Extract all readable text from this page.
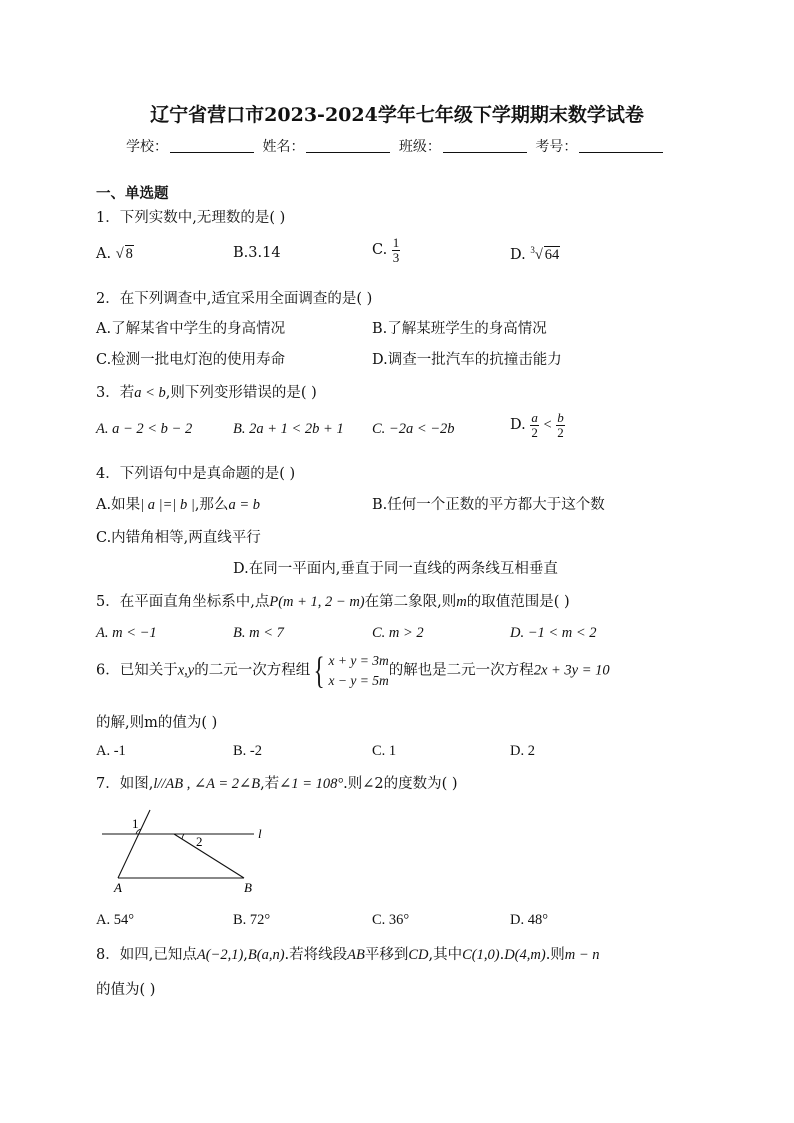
辽宁省营口市2023-2024学年七年级下学期期末数学试卷
学校：	姓名：	班级：	考号：
一、单选题
1．下列实数中,无理数的是( )
A. √ 8	B.3.14	C. $\frac{1}{3}$	D. $^3$√ 64
2．在下列调查中,适宜采用全面调查的是( )
A.了解某省中学生的身高情况	B.了解某班学生的身高情况
C.检测一批电灯泡的使用寿命	D.调查一批汽车的抗撞击能力
3．若a < b,则下列变形错误的是( )
A. a − 2 < b − 2	B. 2a + 1 < 2b + 1 C. −2a < −2b	D. $\frac{a}{2} < \frac{b}{2}$
4．下列语句中是真命题的是( )
A.如果| a |=| b |,那么a = b	B.任何一个正数的平方都大于这个数
C.内错角相等,两直线平行
D.在同一平面内,垂直于同一直线的两条线互相垂直
5．在平面直角坐标系中,点P(m + 1, 2 − m)在第二象限,则m的取值范围是( )
A. m < −1	B. m < 7	C. m > 2	D. −1 < m < 2
6．已知关于x,y的二元一次方程组{ x + y = 3m
x − y = 5m
的解也是二元一次方程2x + 3y = 10
的解,则m的值为( )
A. -1	B. -2	C. 1	D. 2
7．如图,l//AB , ∠A = 2∠B,若∠1 = 108°.则∠2的度数为( )
1
2
l
A	B
A. 54°	B. 72°	C. 36°	D. 48°
8．如四,已知点A(−2,1),B(a,n).若将线段AB平移到CD,其中C(1,0).D(4,m).则m − n
的值为( )
